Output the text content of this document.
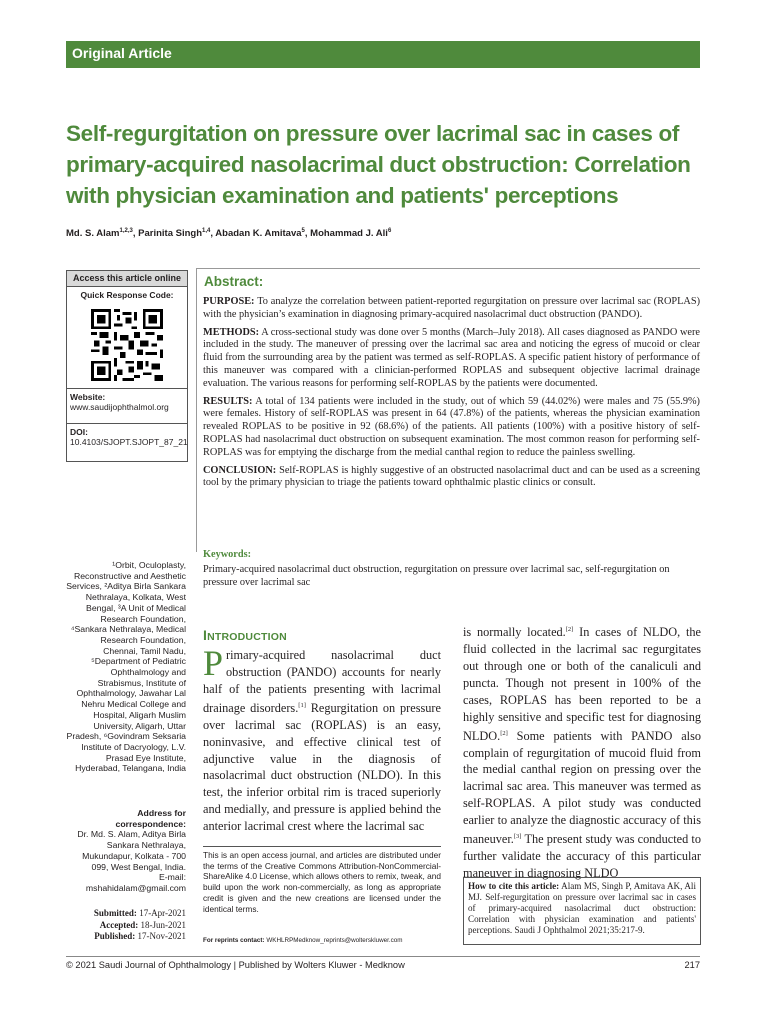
Original Article
Self-regurgitation on pressure over lacrimal sac in cases of primary-acquired nasolacrimal duct obstruction: Correlation with physician examination and patients' perceptions
Md. S. Alam$^{1,2,3}$, Parinita Singh$^{1,4}$, Abadan K. Amitava$^5$, Mohammad J. Ali$^6$
Access this article online
Quick Response Code:
Website:
www.saudijophthalmol.org
DOI:
10.4103/SJOPT.SJOPT_87_21
¹Orbit, Oculoplasty, Reconstructive and Aesthetic Services, ²Aditya Birla Sankara Nethralaya, Kolkata, West Bengal, ³A Unit of Medical Research Foundation, ⁴Sankara Nethralaya, Medical Research Foundation, Chennai, Tamil Nadu, ⁵Department of Pediatric Ophthalmology and Strabismus, Institute of Ophthalmology, Jawahar Lal Nehru Medical College and Hospital, Aligarh Muslim University, Aligarh, Uttar Pradesh, ⁶Govindram Seksaria Institute of Dacryology, L.V. Prasad Eye Institute, Hyderabad, Telangana, India
Address for correspondence:
Dr. Md. S. Alam, Aditya Birla Sankara Nethralaya, Mukundapur, Kolkata - 700 099, West Bengal, India.
E-mail: mshahidalam@gmail.com
Submitted: 17-Apr-2021
Accepted: 18-Jun-2021
Published: 17-Nov-2021
Abstract:

PURPOSE: To analyze the correlation between patient-reported regurgitation on pressure over lacrimal sac (ROPLAS) with the physician’s examination in diagnosing primary-acquired nasolacrimal duct obstruction (PANDO).

METHODS: A cross-sectional study was done over 5 months (March–July 2018). All cases diagnosed as PANDO were included in the study. The maneuver of pressing over the lacrimal sac area and noticing the egress of mucoid or clear fluid from the surrounding area by the patient was termed as self-ROPLAS. A specific patient history of performance of this maneuver was compared with a clinician-performed ROPLAS and subsequent objective lacrimal drainage evaluation. The various reasons for performing self-ROPLAS by the patients were documented.

RESULTS: A total of 134 patients were included in the study, out of which 59 (44.02%) were males and 75 (55.9%) were females. History of self-ROPLAS was present in 64 (47.8%) of the patients, whereas the physician examination revealed ROPLAS to be positive in 92 (68.6%) of the patients. All patients (100%) with a positive history of self-ROPLAS had nasolacrimal duct obstruction on subsequent examination. The most common reason for performing self-ROPLAS was for emptying the discharge from the medial canthal region to reduce the painless swelling.

CONCLUSION: Self-ROPLAS is highly suggestive of an obstructed nasolacrimal duct and can be used as a screening tool by the primary physician to triage the patients toward ophthalmic plastic clinics or consult.

Keywords:
Primary-acquired nasolacrimal duct obstruction, regurgitation on pressure over lacrimal sac, self-regurgitation on pressure over lacrimal sac
INTRODUCTION
Primary-acquired nasolacrimal duct obstruction (PANDO) accounts for nearly half of the patients presenting with lacrimal drainage disorders.[1] Regurgitation on pressure over lacrimal sac (ROPLAS) is an easy, noninvasive, and effective clinical test of adjunctive value in the diagnosis of nasolacrimal duct obstruction (NLDO). In this test, the inferior orbital rim is traced superiorly and medially, and pressure is applied behind the anterior lacrimal crest where the lacrimal sac
is normally located.[2] In cases of NLDO, the fluid collected in the lacrimal sac regurgitates out through one or both of the canaliculi and puncta. Though not present in 100% of the cases, ROPLAS has been reported to be a highly sensitive and specific test for diagnosing NLDO.[2] Some patients with PANDO also complain of regurgitation of mucoid fluid from the medial canthal region on pressing over the lacrimal sac area. This maneuver was termed as self-ROPLAS. A pilot study was conducted earlier to analyze the diagnostic accuracy of this maneuver.[3] The present study was conducted to further validate the accuracy of this particular maneuver in diagnosing NLDO
This is an open access journal, and articles are distributed under the terms of the Creative Commons Attribution-NonCommercial-ShareAlike 4.0 License, which allows others to remix, tweak, and build upon the work non-commercially, as long as appropriate credit is given and the new creations are licensed under the identical terms.
For reprints contact: WKHLRPMedknow_reprints@wolterskluwer.com
How to cite this article: Alam MS, Singh P, Amitava AK, Ali MJ. Self-regurgitation on pressure over lacrimal sac in cases of primary-acquired nasolacrimal duct obstruction: Correlation with physician examination and patients' perceptions. Saudi J Ophthalmol 2021;35:217-9.
© 2021 Saudi Journal of Ophthalmology | Published by Wolters Kluwer - Medknow	217
